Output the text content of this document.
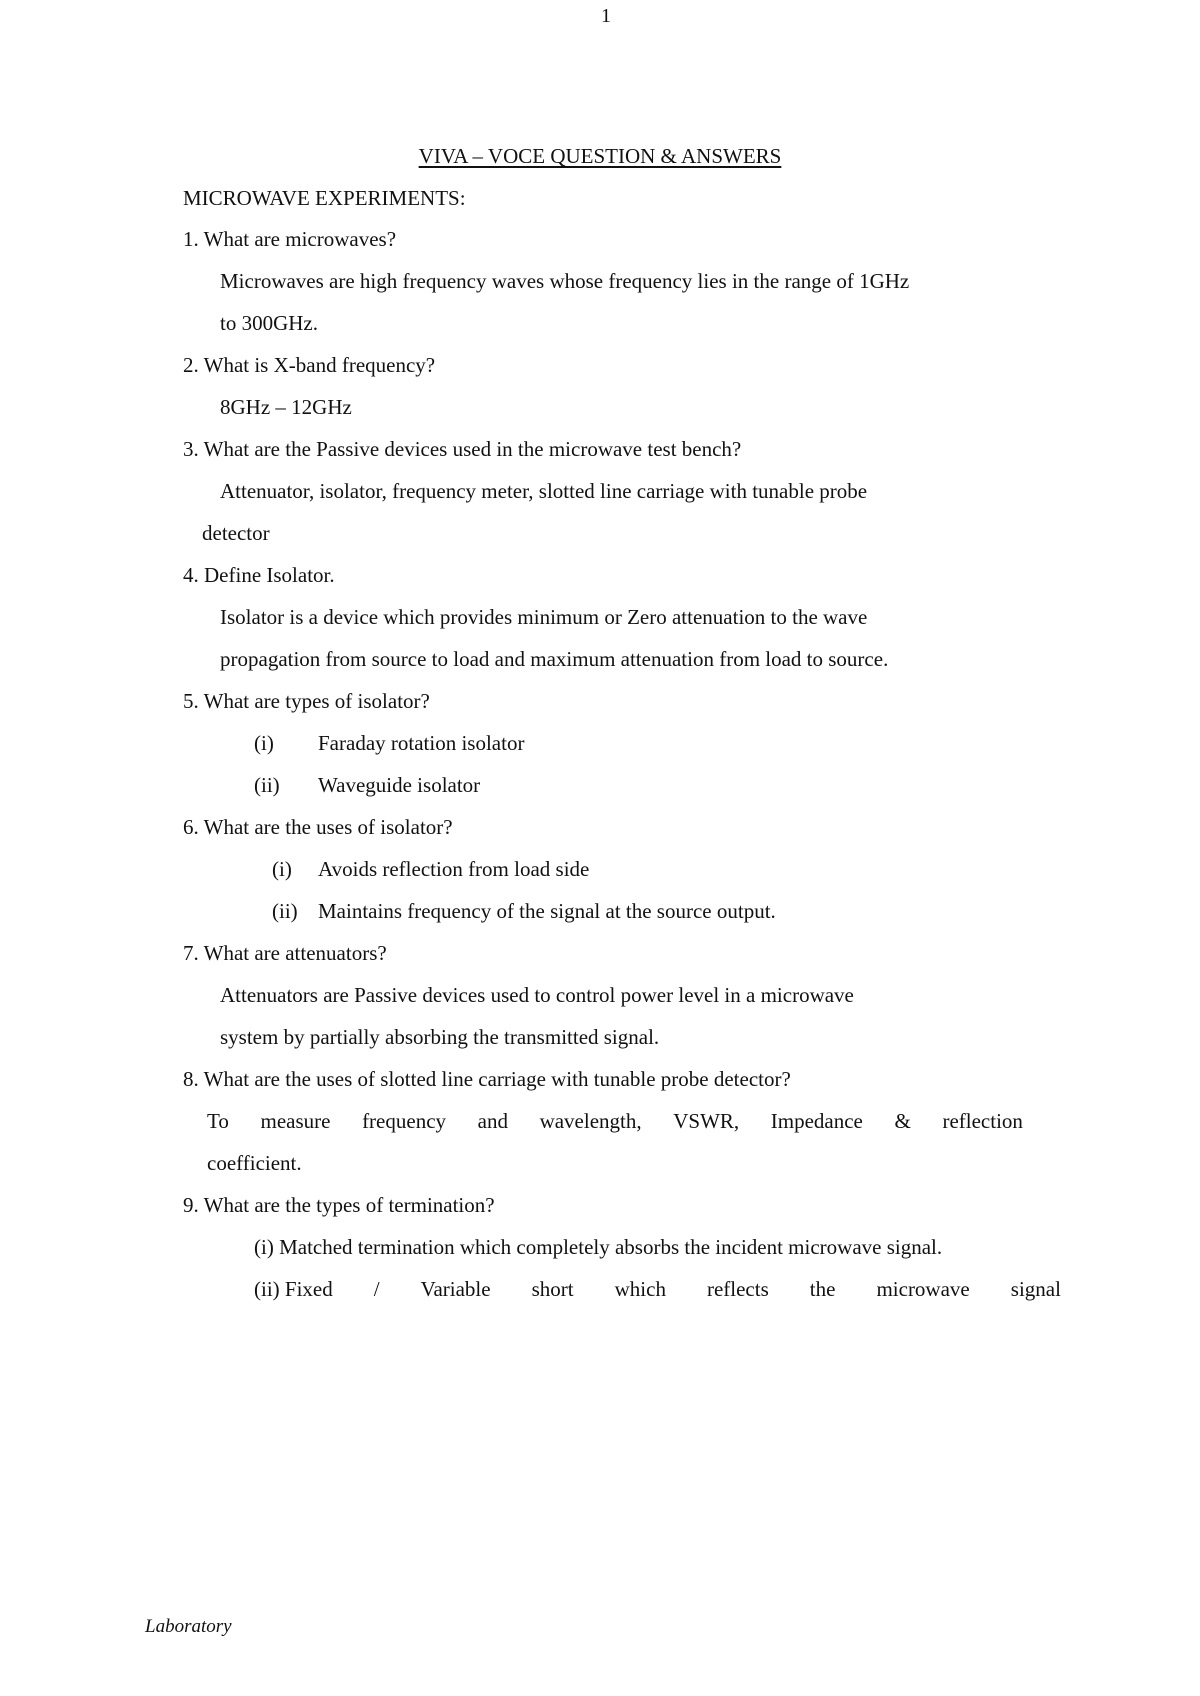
1
VIVA – VOCE QUESTION & ANSWERS
MICROWAVE EXPERIMENTS:
1. What are microwaves?
Microwaves are high frequency waves whose frequency lies in the range of 1GHz
to 300GHz.
2. What is X-band frequency?
8GHz – 12GHz
3. What are the Passive devices used in the microwave test bench?
Attenuator, isolator, frequency meter, slotted line carriage with tunable probe
detector
4. Define Isolator.
Isolator is a device which provides minimum or Zero attenuation to the wave
propagation from source to load and maximum attenuation from load to source.
5. What are types of isolator?
(i) Faraday rotation isolator
(ii) Waveguide isolator
6. What are the uses of isolator?
(i) Avoids reflection from load side
(ii) Maintains frequency of the signal at the source output.
7. What are attenuators?
Attenuators are Passive devices used to control power level in a microwave
system by partially absorbing the transmitted signal.
8. What are the uses of slotted line carriage with tunable probe detector?
To measure frequency and wavelength, VSWR, Impedance & reflection
coefficient.
9. What are the types of termination?
(i) Matched termination which completely absorbs the incident microwave signal.
(ii) Fixed / Variable short which reflects the microwave signal
Laboratory
